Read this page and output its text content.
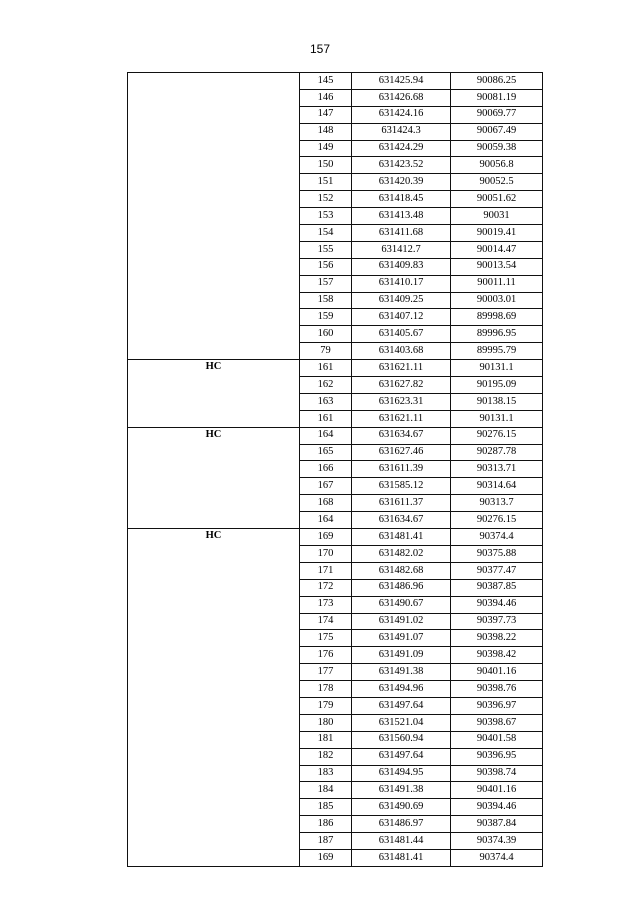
157
	145	631425.94	90086.25
	146	631426.68	90081.19
	147	631424.16	90069.77
	148	631424.3	90067.49
	149	631424.29	90059.38
	150	631423.52	90056.8
	151	631420.39	90052.5
	152	631418.45	90051.62
	153	631413.48	90031
	154	631411.68	90019.41
	155	631412.7	90014.47
	156	631409.83	90013.54
	157	631410.17	90011.11
	158	631409.25	90003.01
	159	631407.12	89998.69
	160	631405.67	89996.95
	79	631403.68	89995.79
НС	161	631621.11	90131.1
	162	631627.82	90195.09
	163	631623.31	90138.15
	161	631621.11	90131.1
НС	164	631634.67	90276.15
	165	631627.46	90287.78
	166	631611.39	90313.71
	167	631585.12	90314.64
	168	631611.37	90313.7
	164	631634.67	90276.15
НС	169	631481.41	90374.4
	170	631482.02	90375.88
	171	631482.68	90377.47
	172	631486.96	90387.85
	173	631490.67	90394.46
	174	631491.02	90397.73
	175	631491.07	90398.22
	176	631491.09	90398.42
	177	631491.38	90401.16
	178	631494.96	90398.76
	179	631497.64	90396.97
	180	631521.04	90398.67
	181	631560.94	90401.58
	182	631497.64	90396.95
	183	631494.95	90398.74
	184	631491.38	90401.16
	185	631490.69	90394.46
	186	631486.97	90387.84
	187	631481.44	90374.39
	169	631481.41	90374.4
